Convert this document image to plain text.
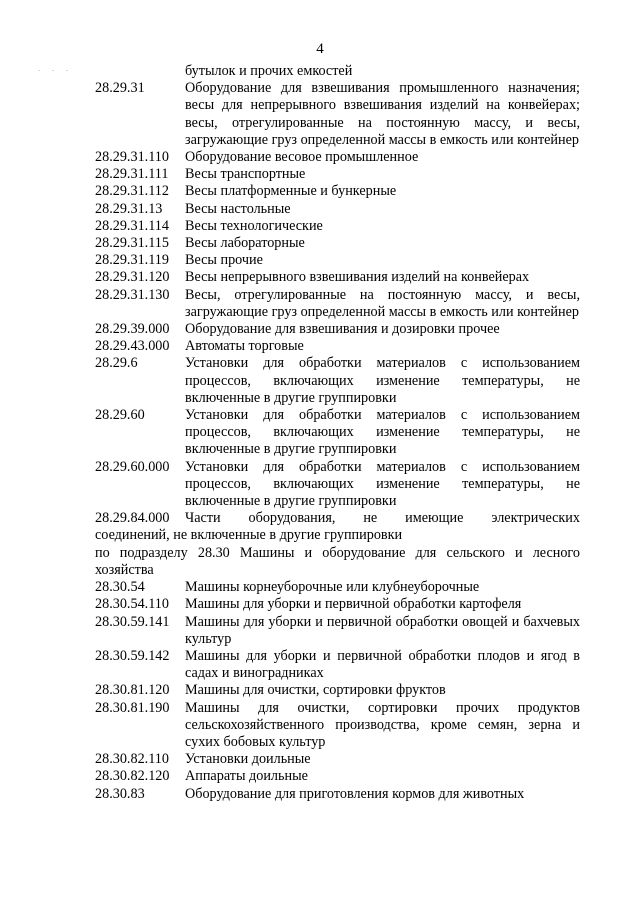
. . .
4
бутылок и прочих емкостей
28.29.31	Оборудование для взвешивания промышленного назначения; весы для непрерывного взвешивания изделий на конвейерах; весы, отрегулированные на постоянную массу, и весы, загружающие груз определенной массы в емкость или контейнер
28.29.31.110	Оборудование весовое промышленное
28.29.31.111	Весы транспортные
28.29.31.112	Весы платформенные и бункерные
28.29.31.13	Весы настольные
28.29.31.114	Весы технологические
28.29.31.115	Весы лабораторные
28.29.31.119	Весы прочие
28.29.31.120	Весы непрерывного взвешивания изделий на конвейерах
28.29.31.130	Весы, отрегулированные на постоянную массу, и весы, загружающие груз определенной массы в емкость или контейнер
28.29.39.000	Оборудование для взвешивания и дозировки прочее
28.29.43.000	Автоматы торговые
28.29.6	Установки для обработки материалов с использованием процессов, включающих изменение температуры, не включенные в другие группировки
28.29.60	Установки для обработки материалов с использованием процессов, включающих изменение температуры, не включенные в другие группировки
28.29.60.000	Установки для обработки материалов с использованием процессов, включающих изменение температуры, не включенные в другие группировки
28.29.84.000	Части оборудования, не имеющие электрических
соединений, не включенные в другие группировки
по подразделу 28.30 Машины и оборудование для сельского и лесного хозяйства
28.30.54	Машины корнеуборочные или клубнеуборочные
28.30.54.110	Машины для уборки и первичной обработки картофеля
28.30.59.141	Машины для уборки и первичной обработки овощей и бахчевых культур
28.30.59.142	Машины для уборки и первичной обработки плодов и ягод в садах и виноградниках
28.30.81.120	Машины для очистки, сортировки фруктов
28.30.81.190	Машины для очистки, сортировки прочих продуктов сельскохозяйственного производства, кроме семян, зерна и сухих бобовых культур
28.30.82.110	Установки доильные
28.30.82.120	Аппараты доильные
28.30.83	Оборудование для приготовления кормов для животных
